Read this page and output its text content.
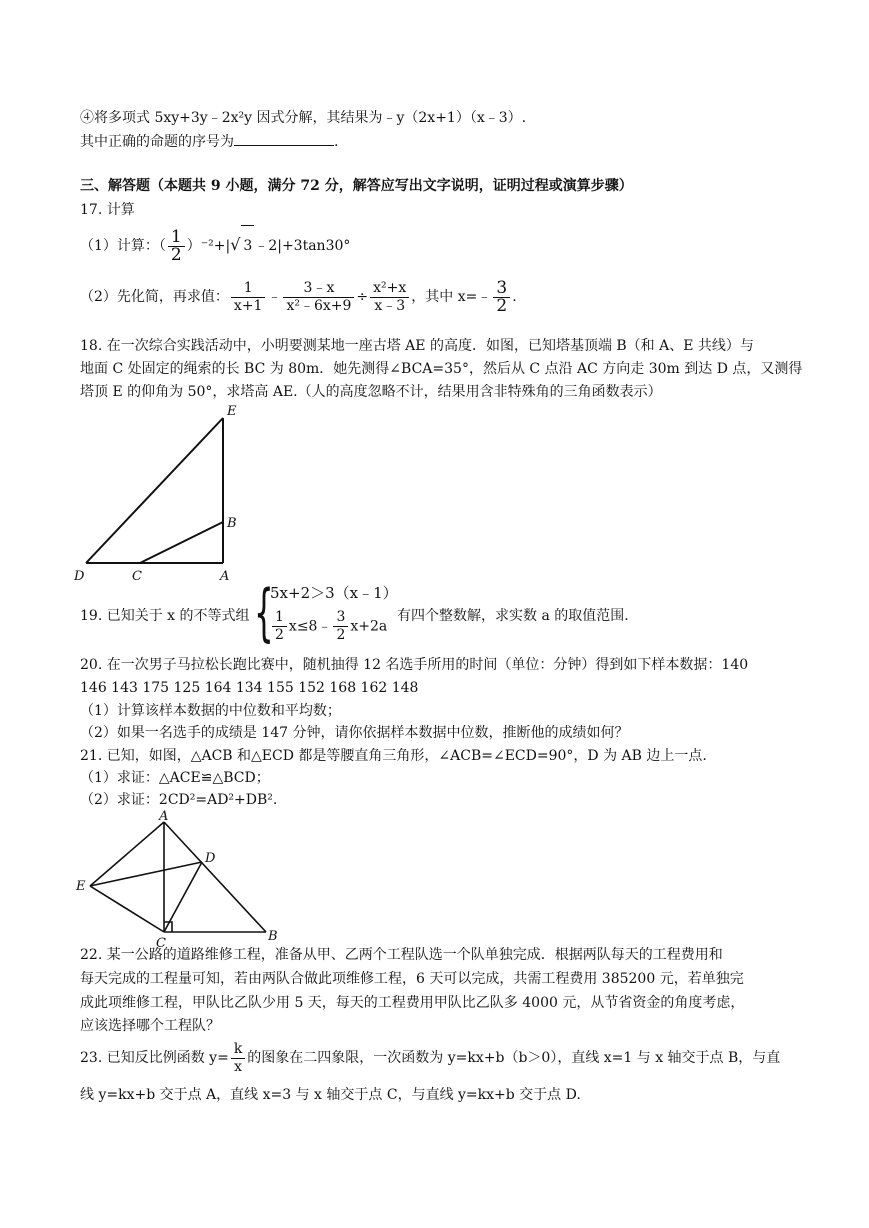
④将多项式 5xy+3y﹣2x²y 因式分解，其结果为﹣y（2x+1）（x﹣3）.
其中正确的命题的序号为	.
三、解答题（本题共 9 小题，满分 72 分，解答应写出文字说明，证明过程或演算步骤）
17. 计算
（1）计算：（ $\frac{1}{2} )^{-2}+|√$ 3 ﹣2|+3tan30°
（2）先化简，再求值： $\frac{1}{x+1}$ ﹣ $\frac{3﹣x}{\text{x²﹣6x+9}} \div \frac{\text{x²+x}}{x﹣3}$ ，其中 x=﹣ $\frac{3}{2}$ .
18. 在一次综合实践活动中，小明要测某地一座古塔 AE 的高度．如图，已知塔基顶端 B（和 A、E 共线）与
地面 C 处固定的绳索的长 BC 为 80m．她先测得∠BCA=35°，然后从 C 点沿 AC 方向走 30m 到达 D 点，又测得
塔顶 E 的仰角为 50°，求塔高 AE.（人的高度忽略不计，结果用含非特殊角的三角函数表示）
E
B
D	C	A
19. 已知关于 x 的不等式组 {
5x+2＞3（x﹣1）
$\frac{1}{2}$ x≤8﹣ $\frac{3}{2} x+2a$
有四个整数解，求实数 a 的取值范围.
20. 在一次男子马拉松长跑比赛中，随机抽得 12 名选手所用的时间（单位：分钟）得到如下样本数据：140
146 143 175 125 164 134 155 152 168 162 148
（1）计算该样本数据的中位数和平均数；
（2）如果一名选手的成绩是 147 分钟，请你依据样本数据中位数，推断他的成绩如何？
21. 已知，如图，△ACB 和△ECD 都是等腰直角三角形，∠ACB=∠ECD=90°，D 为 AB 边上一点.
（1）求证：△ACE≌△BCD；
（2）求证：2CD²=AD²+DB².
A
D
E
C	B
22. 某一公路的道路维修工程，准备从甲、乙两个工程队选一个队单独完成．根据两队每天的工程费用和
每天完成的工程量可知，若由两队合做此项维修工程，6 天可以完成，共需工程费用 385200 元，若单独完
成此项维修工程，甲队比乙队少用 5 天，每天的工程费用甲队比乙队多 4000 元，从节省资金的角度考虑，
应该选择哪个工程队？
23. 已知反比例函数 $y= \frac{k}{x}$ 的图象在二四象限，一次函数为 y=kx+b（b＞0），直线 x=1 与 x 轴交于点 B，与直
线 y=kx+b 交于点 A，直线 x=3 与 x 轴交于点 C，与直线 y=kx+b 交于点 D.
